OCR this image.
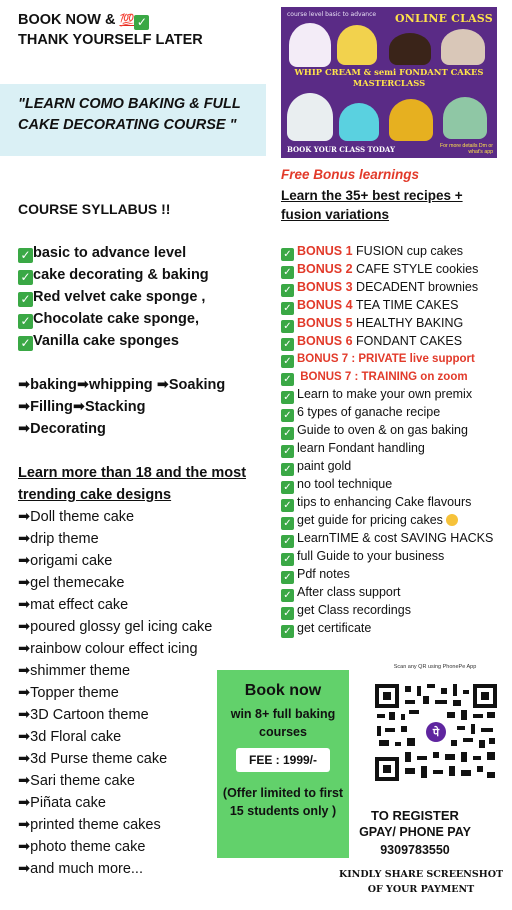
BOOK NOW & 💯 ✓
THANK YOURSELF LATER
"LEARN COMO BAKING & FULL CAKE DECORATING COURSE "
COURSE SYLLABUS !!
✓ basic to advance level
✓ cake decorating & baking
✓ Red velvet cake sponge ,
✓ Chocolate cake sponge,
✓ Vanilla cake sponges
➡baking➡whipping ➡Soaking
➡Filling➡Stacking
➡Decorating
Learn more than 18 and the most trending cake designs
➡Doll theme cake
➡drip theme
➡origami cake
➡gel themecake
➡mat effect cake
➡poured glossy gel icing cake
➡rainbow colour effect icing
➡shimmer theme
➡Topper theme
➡3D Cartoon theme
➡3d Floral cake
➡3d Purse theme cake
➡Sari theme cake
➡Piñata cake
➡printed theme cakes
➡photo theme cake
➡and much more...
course level basic to advance ONLINE CLASS
WHIP CREAM & semi FONDANT CAKES
MASTERCLASS
BOOK YOUR CLASS TODAY	For more details Dm or what's app
Free Bonus learnings
Learn the 35+ best recipes + fusion variations
✓ BONUS 1 FUSION cup cakes
✓ BONUS 2 CAFE STYLE cookies
✓ BONUS 3 DECADENT brownies
✓ BONUS 4 TEA TIME CAKES
✓ BONUS 5 HEALTHY BAKING
✓ BONUS 6 FONDANT CAKES
✓ BONUS 7 : PRIVATE live support
✓ BONUS 7 : TRAINING on zoom
✓ Learn to make your own premix
✓ 6 types of ganache recipe
✓ Guide to oven & on gas baking
✓ learn Fondant handling
✓ paint gold
✓ no tool technique
✓ tips to enhancing Cake flavours
✓ get guide for pricing cakes
✓ LearnTIME & cost SAVING HACKS
✓ full Guide to your business
✓ Pdf notes
✓ After class support
✓ get Class recordings
✓ get certificate
Book now
win 8+ full baking courses
FEE : 1999/-
(Offer limited to first 15 students only )
Scan any QR using PhonePe App
पे
TO REGISTER
GPAY/ PHONE PAY
9309783550
KINDLY SHARE SCREENSHOT OF YOUR PAYMENT
